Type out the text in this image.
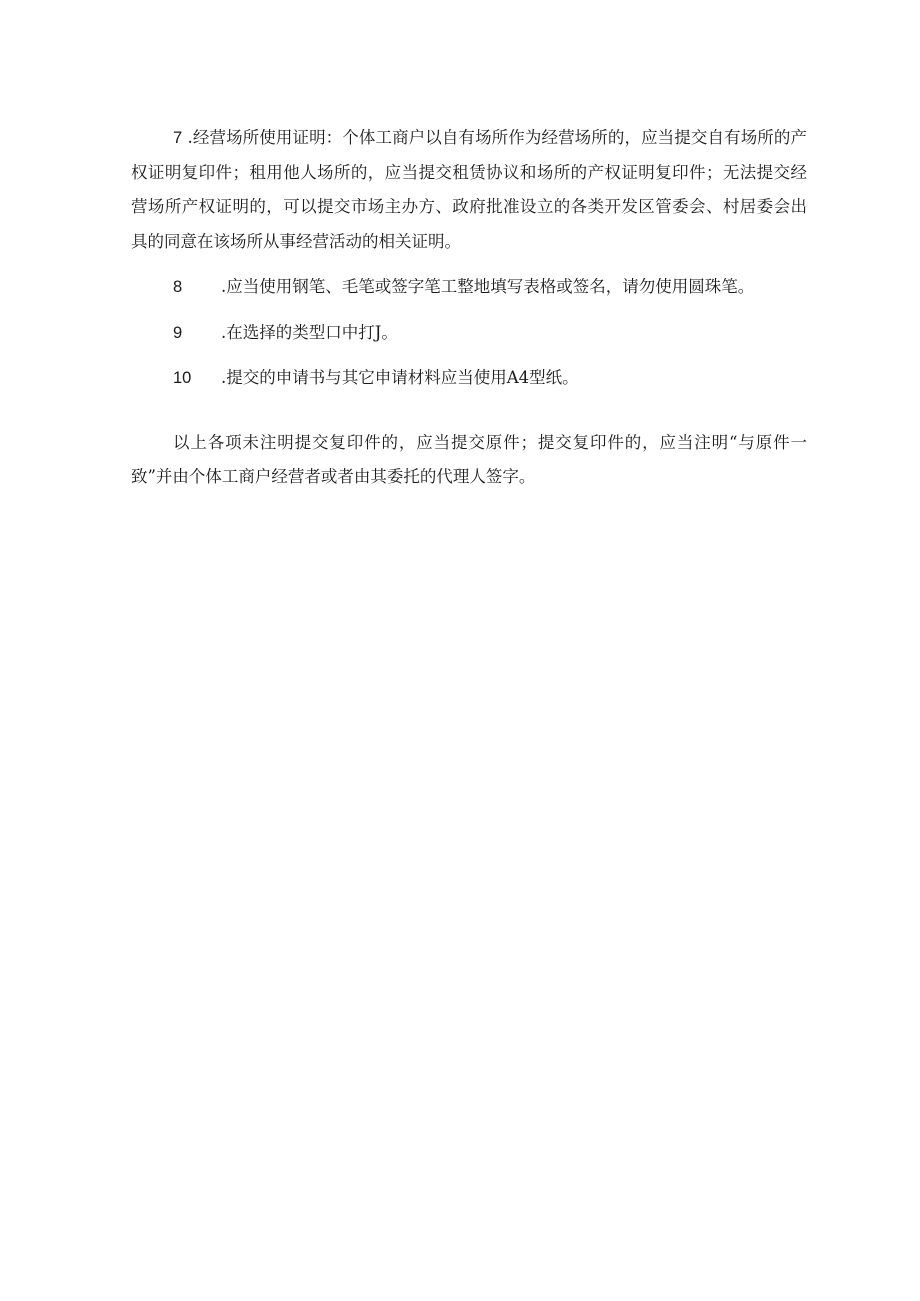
7 .经营场所使用证明：个体工商户以自有场所作为经营场所的，应当提交自有场所的产权证明复印件；租用他人场所的，应当提交租赁协议和场所的产权证明复印件；无法提交经营场所产权证明的，可以提交市场主办方、政府批准设立的各类开发区管委会、村居委会出具的同意在该场所从事经营活动的相关证明。

8	.应当使用钢笔、毛笔或签字笔工整地填写表格或签名，请勿使用圆珠笔。
9	.在选择的类型口中打J。
10	.提交的申请书与其它申请材料应当使用A4型纸。

以上各项未注明提交复印件的，应当提交原件；提交复印件的，应当注明“与原件一致”并由个体工商户经营者或者由其委托的代理人签字。
